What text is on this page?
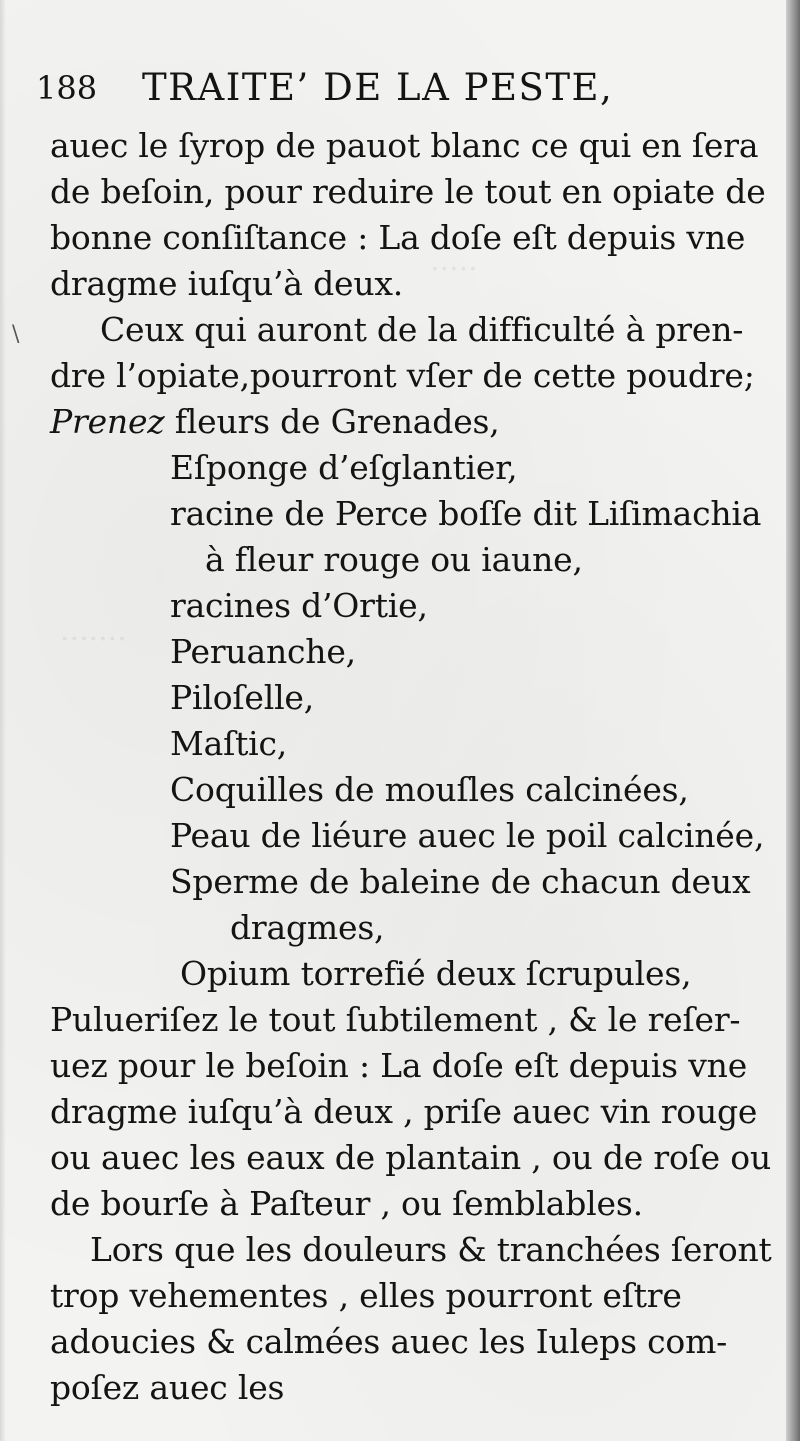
·····
·······
\
188 TRAITE’ DE LA PESTE,
auec le ſyrop de pauot blanc ce qui en ſera
de beſoin, pour reduire le tout en opiate de
bonne conſiſtance : La doſe eſt depuis vne
dragme iuſqu’à deux.
Ceux qui auront de la difficulté à pren-
dre l’opiate,pourront vſer de cette poudre;
Prenez fleurs de Grenades,
Eſponge d’eſglantier,
racine de Perce boſſe dit Liſimachia
à fleur rouge ou iaune,
racines d’Ortie,
Peruanche,
Piloſelle,
Maſtic,
Coquilles de mouſles calcinées,
Peau de liéure auec le poil calcinée,
Sperme de baleine de chacun deux
dragmes,
Opium torrefié deux ſcrupules,
Pulueriſez le tout ſubtilement , & le reſer-
uez pour le beſoin : La doſe eſt depuis vne
dragme iuſqu’à deux , priſe auec vin rouge
ou auec les eaux de plantain , ou de roſe ou
de bourſe à Paſteur , ou ſemblables.
Lors que les douleurs & tranchées ſeront
trop vehementes , elles pourront eſtre
adoucies & calmées auec les Iuleps com-
poſez auec les
